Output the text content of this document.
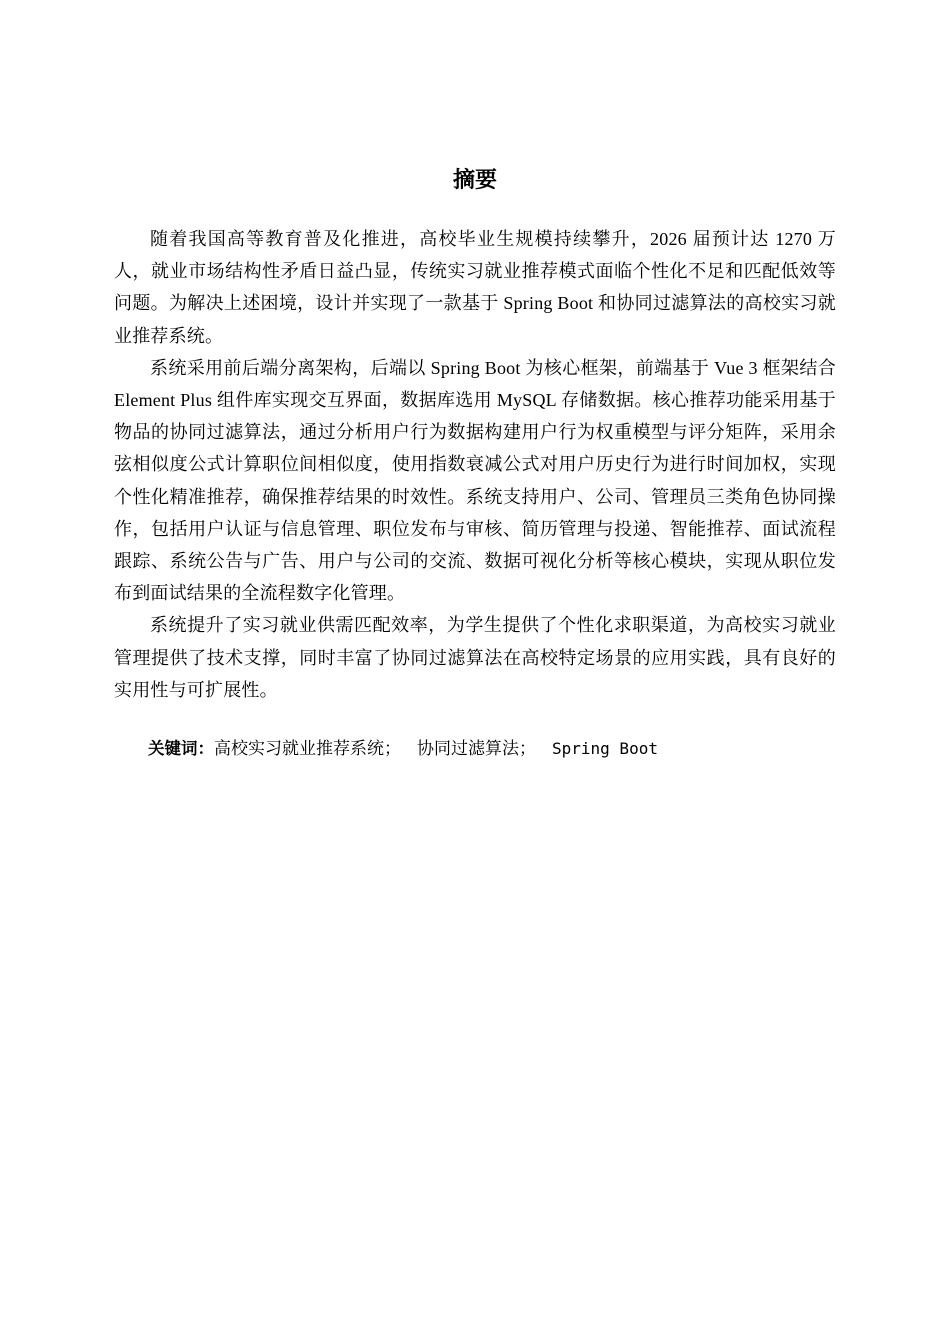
摘要

随着我国高等教育普及化推进，高校毕业生规模持续攀升，2026 届预计达 1270 万人，就业市场结构性矛盾日益凸显，传统实习就业推荐模式面临个性化不足和匹配低效等问题。为解决上述困境，设计并实现了一款基于 Spring Boot 和协同过滤算法的高校实习就业推荐系统。

系统采用前后端分离架构，后端以 Spring Boot 为核心框架，前端基于 Vue 3 框架结合 Element Plus 组件库实现交互界面，数据库选用 MySQL 存储数据。核心推荐功能采用基于物品的协同过滤算法，通过分析用户行为数据构建用户行为权重模型与评分矩阵，采用余弦相似度公式计算职位间相似度，使用指数衰减公式对用户历史行为进行时间加权，实现个性化精准推荐，确保推荐结果的时效性。系统支持用户、公司、管理员三类角色协同操作，包括用户认证与信息管理、职位发布与审核、简历管理与投递、智能推荐、面试流程跟踪、系统公告与广告、用户与公司的交流、数据可视化分析等核心模块，实现从职位发布到面试结果的全流程数字化管理。

系统提升了实习就业供需匹配效率，为学生提供了个性化求职渠道，为高校实习就业管理提供了技术支撑，同时丰富了协同过滤算法在高校特定场景的应用实践，具有良好的实用性与可扩展性。

关键词：高校实习就业推荐系统； 协同过滤算法； Spring Boot
